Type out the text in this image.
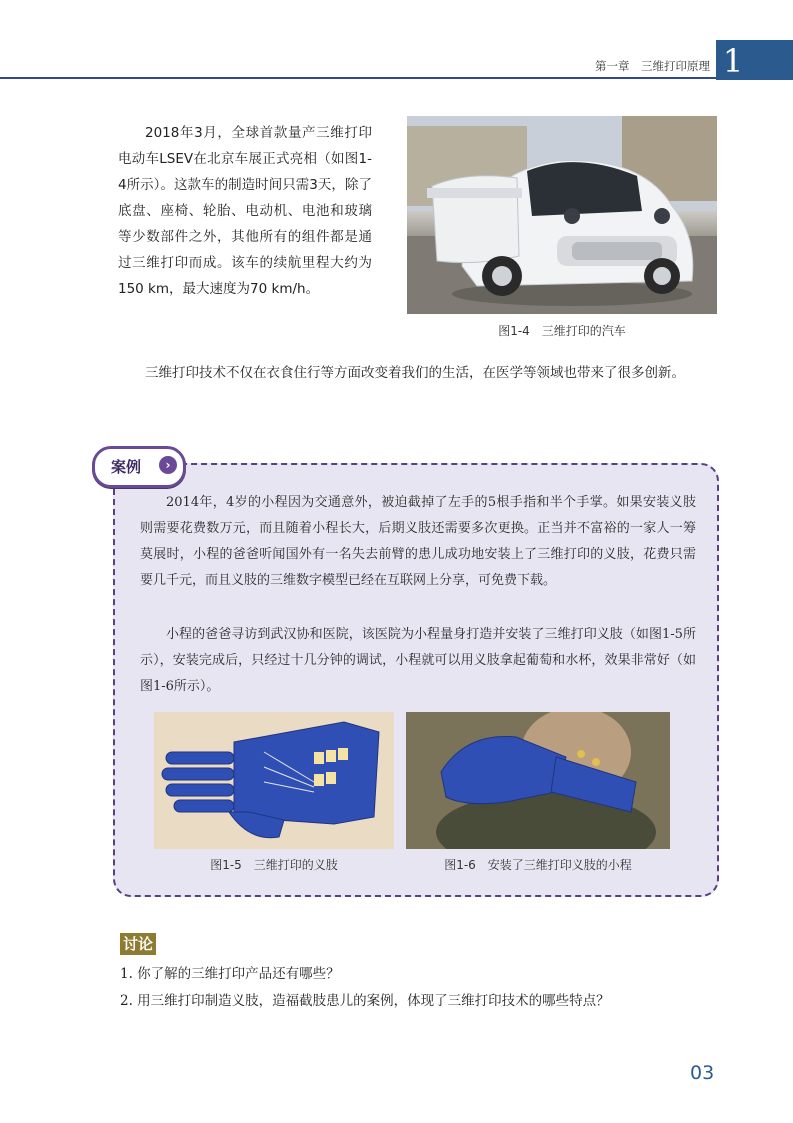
第一章　三维打印原理 1
2018年3月，全球首款量产三维打印电动车LSEV在北京车展正式亮相（如图1-4所示）。这款车的制造时间只需3天，除了底盘、座椅、轮胎、电动机、电池和玻璃等少数部件之外，其他所有的组件都是通过三维打印而成。该车的续航里程大约为150 km，最大速度为70 km/h。
图1-4　三维打印的汽车
三维打印技术不仅在衣食住行等方面改变着我们的生活，在医学等领域也带来了很多创新。
案例	›
2014年，4岁的小程因为交通意外，被迫截掉了左手的5根手指和半个手掌。如果安装义肢则需要花费数万元，而且随着小程长大，后期义肢还需要多次更换。正当并不富裕的一家人一筹莫展时，小程的爸爸听闻国外有一名失去前臂的患儿成功地安装上了三维打印的义肢，花费只需要几千元，而且义肢的三维数字模型已经在互联网上分享，可免费下载。
小程的爸爸寻访到武汉协和医院，该医院为小程量身打造并安装了三维打印义肢（如图1-5所示），安装完成后，只经过十几分钟的调试，小程就可以用义肢拿起葡萄和水杯，效果非常好（如图1-6所示）。
图1-5　三维打印的义肢	图1-6　安装了三维打印义肢的小程
讨论
1. 你了解的三维打印产品还有哪些？
2. 用三维打印制造义肢，造福截肢患儿的案例，体现了三维打印技术的哪些特点？
03
